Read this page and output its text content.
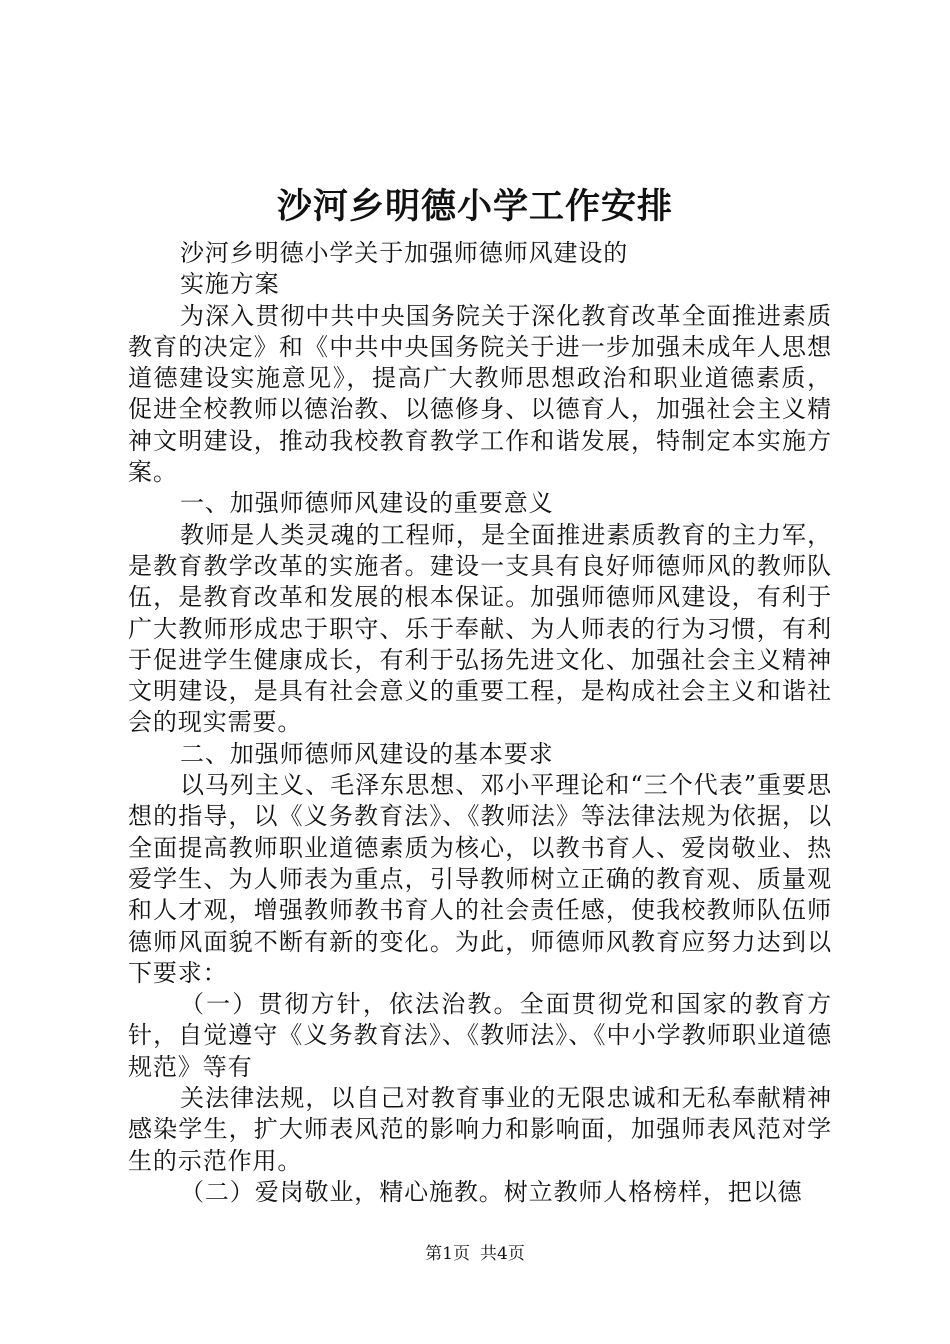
沙河乡明德小学工作安排

沙河乡明德小学关于加强师德师风建设的

实施方案

为深入贯彻中共中央国务院关于深化教育改革全面推进素质教育的决定》和《中共中央国务院关于进一步加强未成年人思想道德建设实施意见》，提高广大教师思想政治和职业道德素质，促进全校教师以德治教、以德修身、以德育人，加强社会主义精神文明建设，推动我校教育教学工作和谐发展，特制定本实施方案。

一、加强师德师风建设的重要意义

教师是人类灵魂的工程师，是全面推进素质教育的主力军，是教育教学改革的实施者。建设一支具有良好师德师风的教师队伍，是教育改革和发展的根本保证。加强师德师风建设，有利于广大教师形成忠于职守、乐于奉献、为人师表的行为习惯，有利于促进学生健康成长，有利于弘扬先进文化、加强社会主义精神文明建设，是具有社会意义的重要工程，是构成社会主义和谐社会的现实需要。

二、加强师德师风建设的基本要求

以马列主义、毛泽东思想、邓小平理论和“三个代表”重要思想的指导，以《义务教育法》、《教师法》等法律法规为依据，以全面提高教师职业道德素质为核心，以教书育人、爱岗敬业、热爱学生、为人师表为重点，引导教师树立正确的教育观、质量观和人才观，增强教师教书育人的社会责任感，使我校教师队伍师德师风面貌不断有新的变化。为此，师德师风教育应努力达到以下要求：

（一）贯彻方针，依法治教。全面贯彻党和国家的教育方针，自觉遵守《义务教育法》、《教师法》、《中小学教师职业道德规范》等有

关法律法规，以自己对教育事业的无限忠诚和无私奉献精神感染学生，扩大师表风范的影响力和影响面，加强师表风范对学生的示范作用。

（二）爱岗敬业，精心施教。树立教师人格榜样，把以德

第1页 共4页
